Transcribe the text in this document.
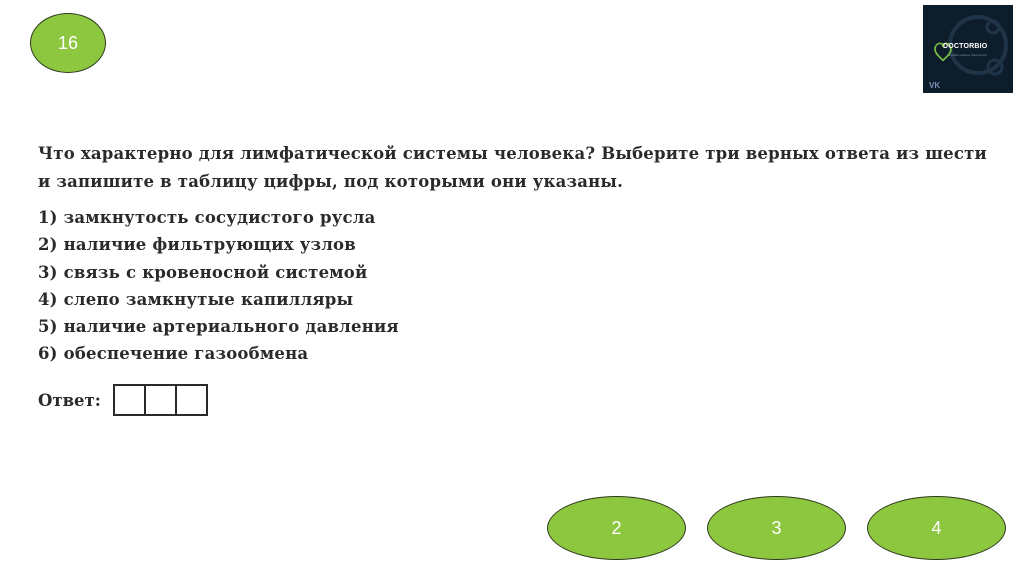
16	DOCTORBIO
онлайн-школа биологии
VK
Что характерно для лимфатической системы человека? Выберите три верных ответа из шести и запишите в таблицу цифры, под которыми они указаны.
1) замкнутость сосудистого русла
2) наличие фильтрующих узлов
3) связь с кровеносной системой
4) слепо замкнутые капилляры
5) наличие артериального давления
6) обеспечение газообмена
Ответ:
2	3	4
